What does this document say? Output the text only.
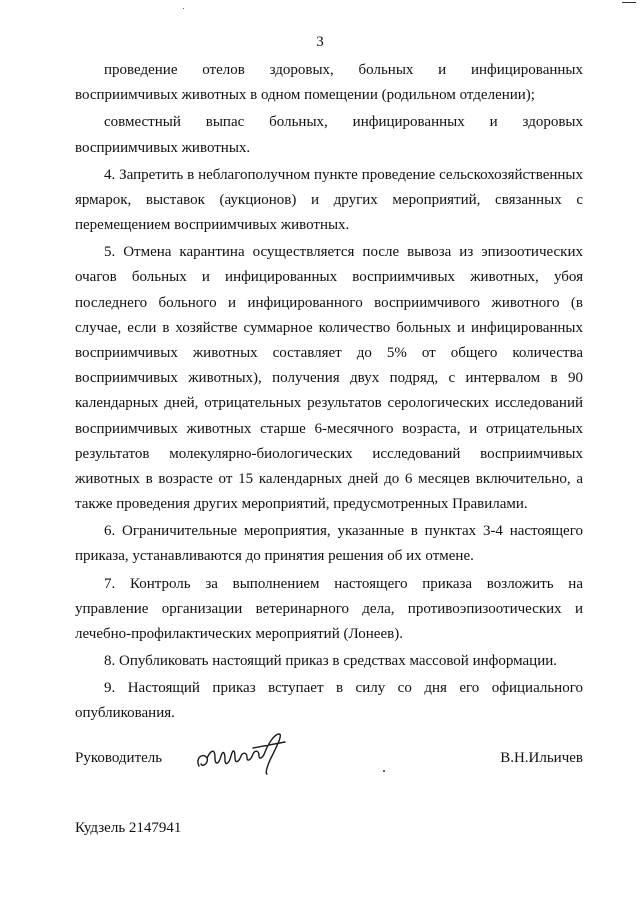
3

проведение отелов здоровых, больных и инфицированных восприимчивых животных в одном помещении (родильном отделении);

совместный выпас больных, инфицированных и здоровых восприимчивых животных.

4. Запретить в неблагополучном пункте проведение сельскохозяйственных ярмарок, выставок (аукционов) и других мероприятий, связанных с перемещением восприимчивых животных.

5. Отмена карантина осуществляется после вывоза из эпизоотических очагов больных и инфицированных восприимчивых животных, убоя последнего больного и инфицированного восприимчивого животного (в случае, если в хозяйстве суммарное количество больных и инфицированных восприимчивых животных составляет до 5% от общего количества восприимчивых животных), получения двух подряд, с интервалом в 90 календарных дней, отрицательных результатов серологических исследований восприимчивых животных старше 6-месячного возраста, и отрицательных результатов молекулярно-биологических исследований восприимчивых животных в возрасте от 15 календарных дней до 6 месяцев включительно, а также проведения других мероприятий, предусмотренных Правилами.

6. Ограничительные мероприятия, указанные в пунктах 3-4 настоящего приказа, устанавливаются до принятия решения об их отмене.

7. Контроль за выполнением настоящего приказа возложить на управление организации ветеринарного дела, противоэпизоотических и лечебно-профилактических мероприятий (Лонеев).

8. Опубликовать настоящий приказ в средствах массовой информации.

9. Настоящий приказ вступает в силу со дня его официального опубликования.

Руководитель	В.Н.Ильичев
Кудзель 2147941
